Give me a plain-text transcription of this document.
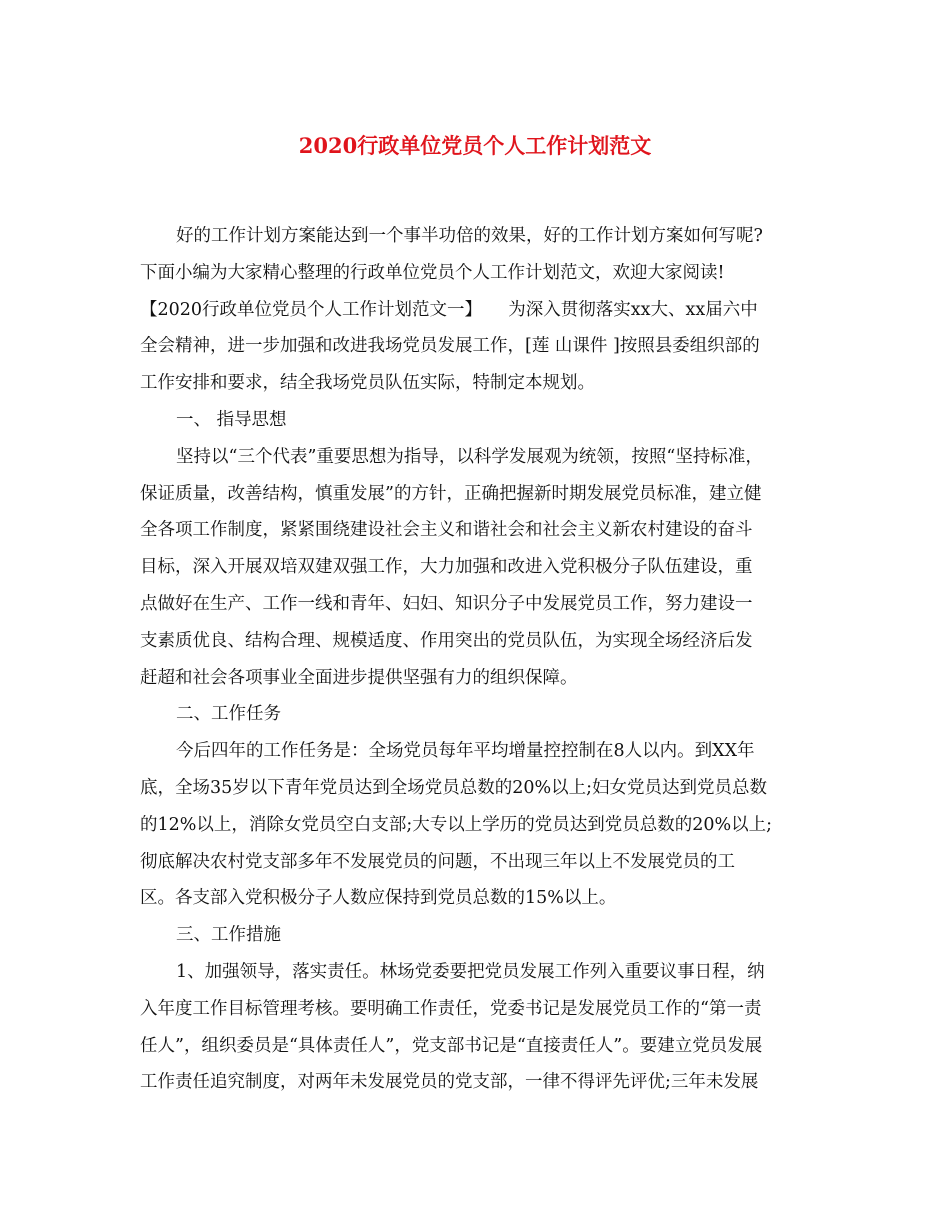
2020行政单位党员个人工作计划范文
好的工作计划方案能达到一个事半功倍的效果，好的工作计划方案如何写呢?
下面小编为大家精心整理的行政单位党员个人工作计划范文，欢迎大家阅读!
【2020行政单位党员个人工作计划范文一】　　为深入贯彻落实xx大、xx届六中
全会精神，进一步加强和改进我场党员发展工作，[莲 山课件 ]按照县委组织部的
工作安排和要求，结全我场党员队伍实际，特制定本规划。
一、 指导思想
坚持以“三个代表”重要思想为指导，以科学发展观为统领，按照“坚持标准，
保证质量，改善结构，慎重发展”的方针，正确把握新时期发展党员标准，建立健
全各项工作制度，紧紧围绕建设社会主义和谐社会和社会主义新农村建设的奋斗
目标，深入开展双培双建双强工作，大力加强和改进入党积极分子队伍建设，重
点做好在生产、工作一线和青年、妇妇、知识分子中发展党员工作，努力建设一
支素质优良、结构合理、规模适度、作用突出的党员队伍，为实现全场经济后发
赶超和社会各项事业全面进步提供坚强有力的组织保障。
二、工作任务
今后四年的工作任务是：全场党员每年平均增量控控制在8人以内。到XX年
底，全场35岁以下青年党员达到全场党员总数的20%以上;妇女党员达到党员总数
的12%以上，消除女党员空白支部;大专以上学历的党员达到党员总数的20%以上;
彻底解决农村党支部多年不发展党员的问题，不出现三年以上不发展党员的工
区。各支部入党积极分子人数应保持到党员总数的15%以上。
三、工作措施
1、加强领导，落实责任。林场党委要把党员发展工作列入重要议事日程，纳
入年度工作目标管理考核。要明确工作责任，党委书记是发展党员工作的“第一责
任人”，组织委员是“具体责任人”，党支部书记是“直接责任人”。要建立党员发展
工作责任追究制度，对两年未发展党员的党支部，一律不得评先评优;三年未发展
